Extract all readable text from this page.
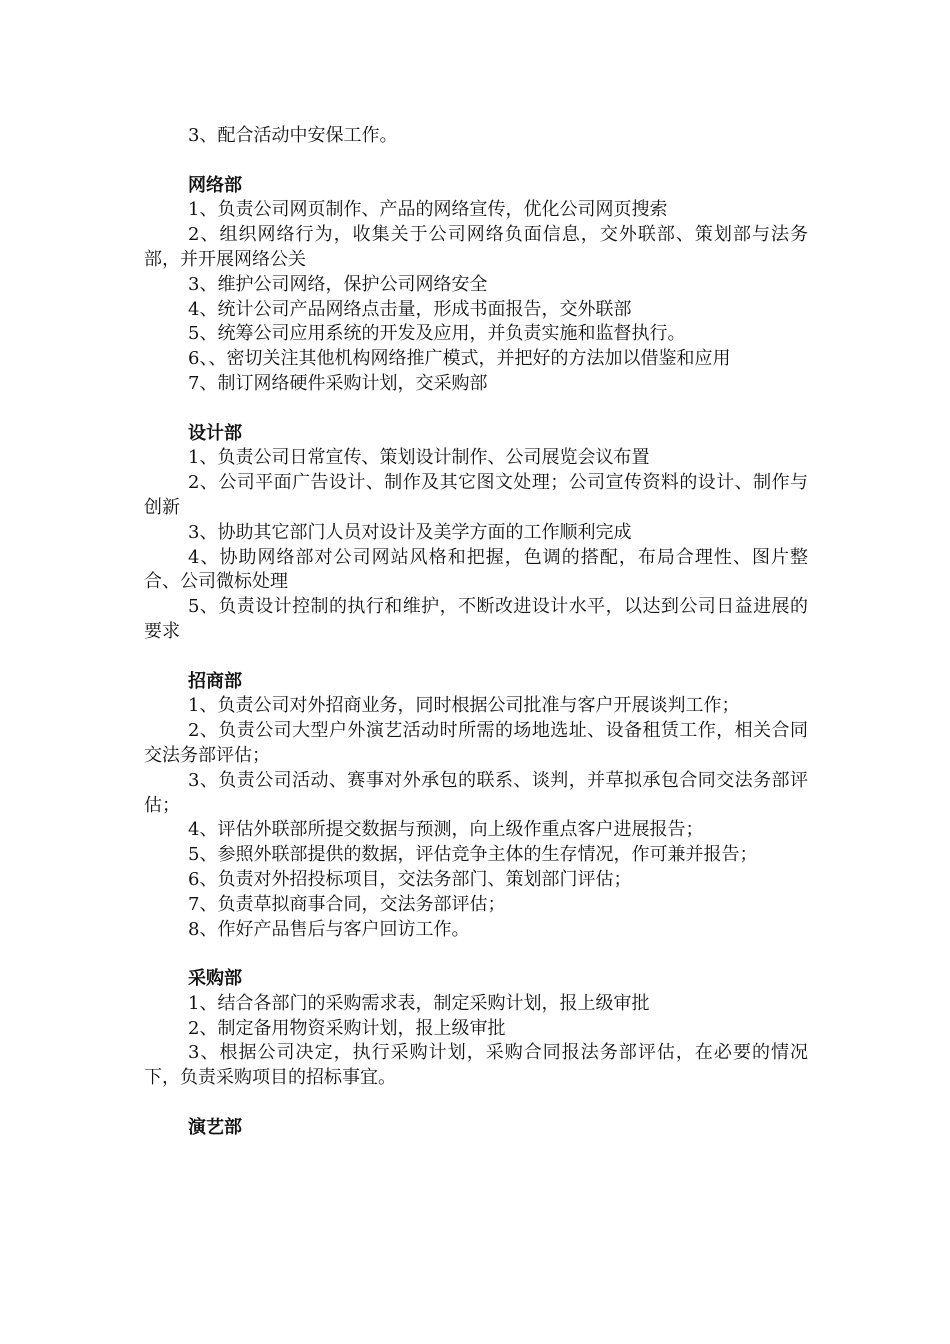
3、配合活动中安保工作。

网络部

1、负责公司网页制作、产品的网络宣传，优化公司网页搜索

2、组织网络行为，收集关于公司网络负面信息，交外联部、策划部与法务部，并开展网络公关

3、维护公司网络，保护公司网络安全

4、统计公司产品网络点击量，形成书面报告，交外联部

5、统筹公司应用系统的开发及应用，并负责实施和监督执行。

6、、密切关注其他机构网络推广模式，并把好的方法加以借鉴和应用

7、制订网络硬件采购计划，交采购部

设计部

1、负责公司日常宣传、策划设计制作、公司展览会议布置

2、公司平面广告设计、制作及其它图文处理；公司宣传资料的设计、制作与创新

3、协助其它部门人员对设计及美学方面的工作顺利完成

4、协助网络部对公司网站风格和把握，色调的搭配，布局合理性、图片整合、公司微标处理

5、负责设计控制的执行和维护，不断改进设计水平，以达到公司日益进展的要求

招商部

1、负责公司对外招商业务，同时根据公司批准与客户开展谈判工作；

2、负责公司大型户外演艺活动时所需的场地选址、设备租赁工作，相关合同交法务部评估；

3、负责公司活动、赛事对外承包的联系、谈判，并草拟承包合同交法务部评估；

4、评估外联部所提交数据与预测，向上级作重点客户进展报告；

5、参照外联部提供的数据，评估竞争主体的生存情况，作可兼并报告；

6、负责对外招投标项目，交法务部门、策划部门评估；

7、负责草拟商事合同，交法务部评估；

8、作好产品售后与客户回访工作。

采购部

1、结合各部门的采购需求表，制定采购计划，报上级审批

2、制定备用物资采购计划，报上级审批

3、根据公司决定，执行采购计划，采购合同报法务部评估，在必要的情况下，负责采购项目的招标事宜。

演艺部
